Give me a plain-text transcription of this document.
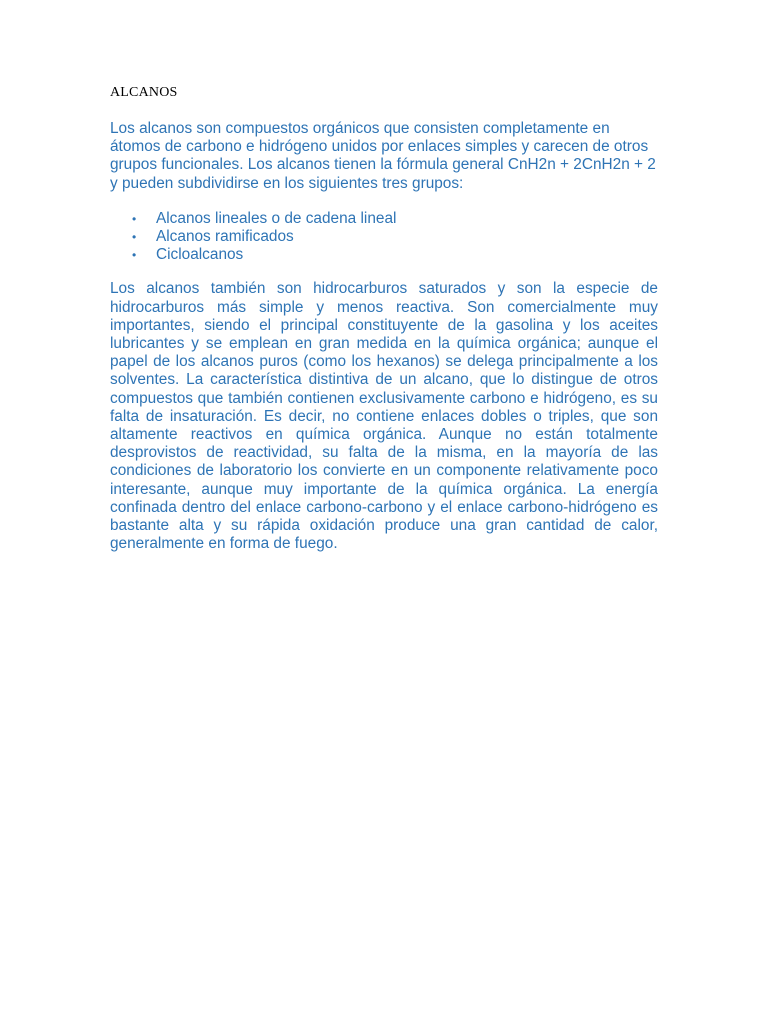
ALCANOS

Los alcanos son compuestos orgánicos que consisten completamente en átomos de carbono e hidrógeno unidos por enlaces simples y carecen de otros grupos funcionales. Los alcanos tienen la fórmula general CnH2n + 2CnH2n + 2 y pueden subdividirse en los siguientes tres grupos:

• Alcanos lineales o de cadena lineal
• Alcanos ramificados
• Cicloalcanos

Los alcanos también son hidrocarburos saturados y son la especie de hidrocarburos más simple y menos reactiva. Son comercialmente muy importantes, siendo el principal constituyente de la gasolina y los aceites lubricantes y se emplean en gran medida en la química orgánica; aunque el papel de los alcanos puros (como los hexanos) se delega principalmente a los solventes. La característica distintiva de un alcano, que lo distingue de otros compuestos que también contienen exclusivamente carbono e hidrógeno, es su falta de insaturación. Es decir, no contiene enlaces dobles o triples, que son altamente reactivos en química orgánica. Aunque no están totalmente desprovistos de reactividad, su falta de la misma, en la mayoría de las condiciones de laboratorio los convierte en un componente relativamente poco interesante, aunque muy importante de la química orgánica. La energía confinada dentro del enlace carbono-carbono y el enlace carbono-hidrógeno es bastante alta y su rápida oxidación produce una gran cantidad de calor, generalmente en forma de fuego.
